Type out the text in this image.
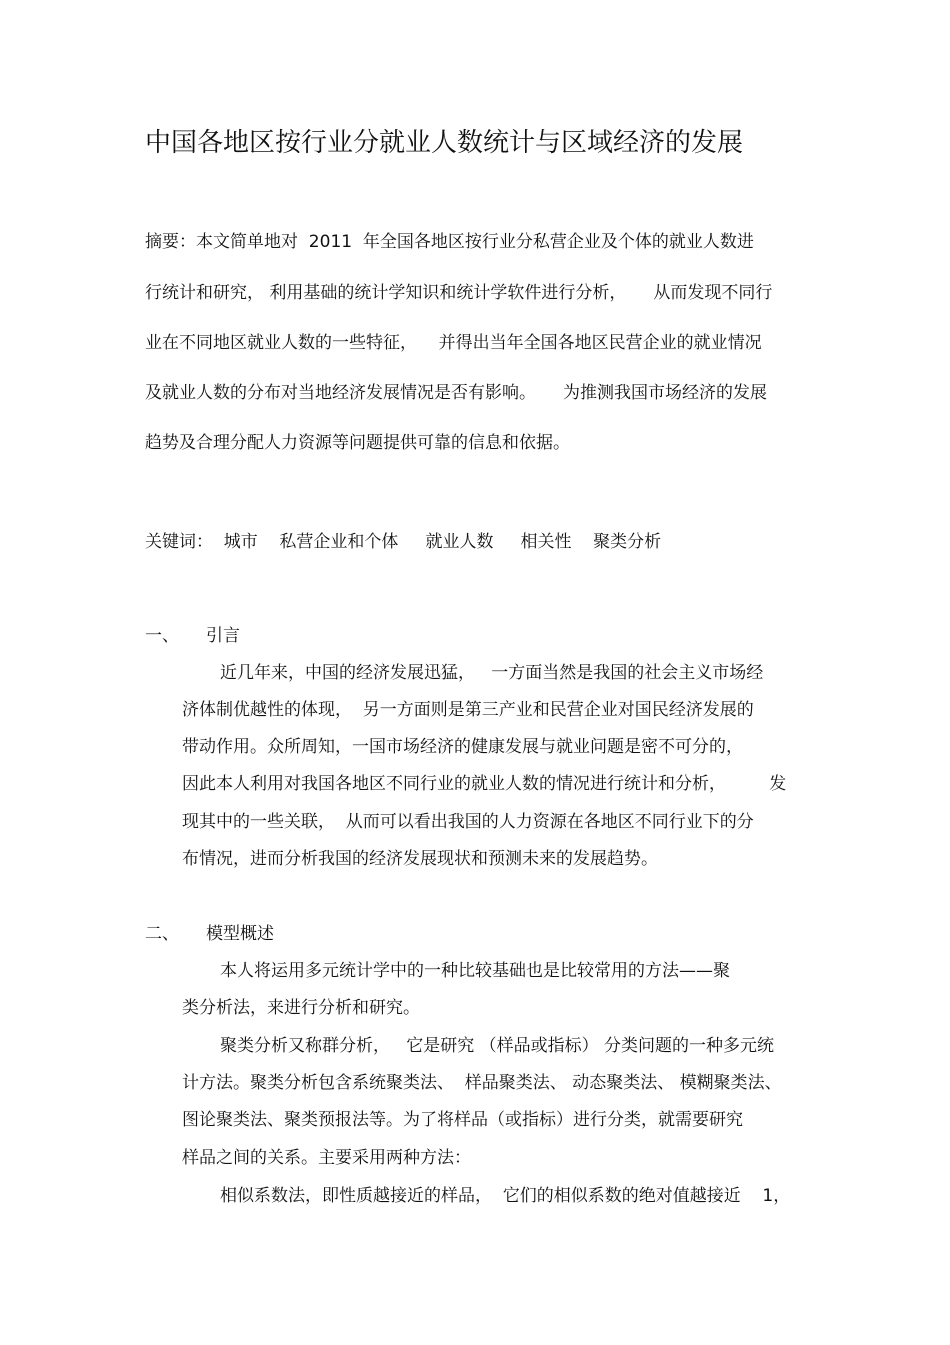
中国各地区按行业分就业人数统计与区域经济的发展
摘要：本文简单地对  2011  年全国各地区按行业分私营企业及个体的就业人数进
行统计和研究， 利用基础的统计学知识和统计学软件进行分析，     从而发现不同行
业在不同地区就业人数的一些特征，    并得出当年全国各地区民营企业的就业情况
及就业人数的分布对当地经济发展情况是否有影响。     为推测我国市场经济的发展
趋势及合理分配人力资源等问题提供可靠的信息和依据。
关键词：  城市    私营企业和个体     就业人数     相关性    聚类分析
一、     引言
近几年来，中国的经济发展迅猛，   一方面当然是我国的社会主义市场经
济体制优越性的体现，  另一方面则是第三产业和民营企业对国民经济发展的
带动作用。众所周知，一国市场经济的健康发展与就业问题是密不可分的，
因此本人利用对我国各地区不同行业的就业人数的情况进行统计和分析，        发
现其中的一些关联，  从而可以看出我国的人力资源在各地区不同行业下的分
布情况，进而分析我国的经济发展现状和预测未来的发展趋势。
二、     模型概述
本人将运用多元统计学中的一种比较基础也是比较常用的方法——聚
类分析法，来进行分析和研究。
聚类分析又称群分析，   它是研究 （样品或指标） 分类问题的一种多元统
计方法。聚类分析包含系统聚类法、  样品聚类法、 动态聚类法、 模糊聚类法、
图论聚类法、聚类预报法等。为了将样品（或指标）进行分类，就需要研究
样品之间的关系。主要采用两种方法：
相似系数法，即性质越接近的样品，  它们的相似系数的绝对值越接近    1，
